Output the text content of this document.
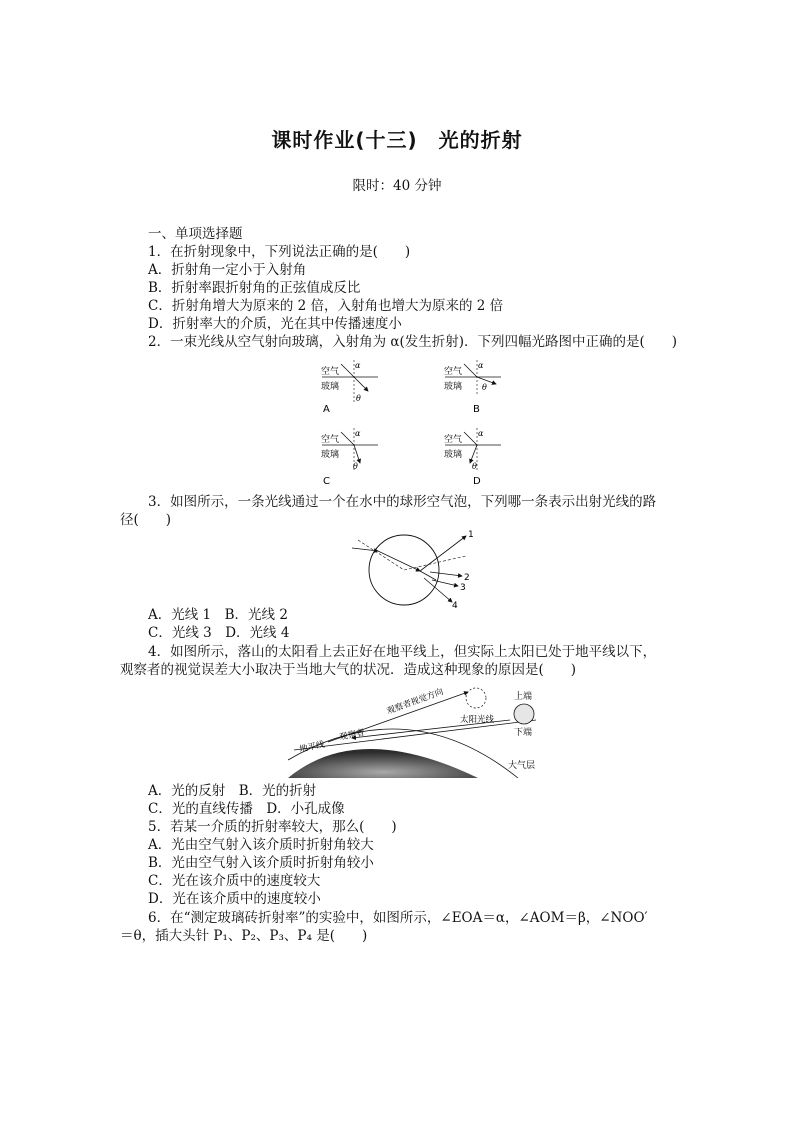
课时作业(十三)　光的折射
限时：40 分钟
一、单项选择题
1．在折射现象中，下列说法正确的是(　　)
A．折射角一定小于入射角
B．折射率跟折射角的正弦值成反比
C．折射角增大为原来的 2 倍，入射角也增大为原来的 2 倍
D．折射率大的介质，光在其中传播速度小
2．一束光线从空气射向玻璃，入射角为 α(发生折射)．下列四幅光路图中正确的是(　　)
空气
玻璃
α
θ
A
空气
玻璃
α
θ
B
空气
玻璃
α
θ
C
空气
玻璃
α
θ
D
3．如图所示，一条光线通过一个在水中的球形空气泡，下列哪一条表示出射光线的路
径(　　)
1
2
3
4
A．光线 1　B．光线 2
C．光线 3　D．光线 4
4．如图所示，落山的太阳看上去正好在地平线上，但实际上太阳已处于地平线以下，
观察者的视觉误差大小取决于当地大气的状况．造成这种现象的原因是(　　)
上端
下端
观察者视觉方向
太阳光线
地平线
观察者
大气层
A．光的反射　B．光的折射
C．光的直线传播　D．小孔成像
5．若某一介质的折射率较大，那么(　　)
A．光由空气射入该介质时折射角较大
B．光由空气射入该介质时折射角较小
C．光在该介质中的速度较大
D．光在该介质中的速度较小
6．在“测定玻璃砖折射率”的实验中，如图所示，∠EOA＝α，∠AOM＝β，∠NOO′
＝θ，插大头针 P₁、P₂、P₃、P₄ 是(　　)
